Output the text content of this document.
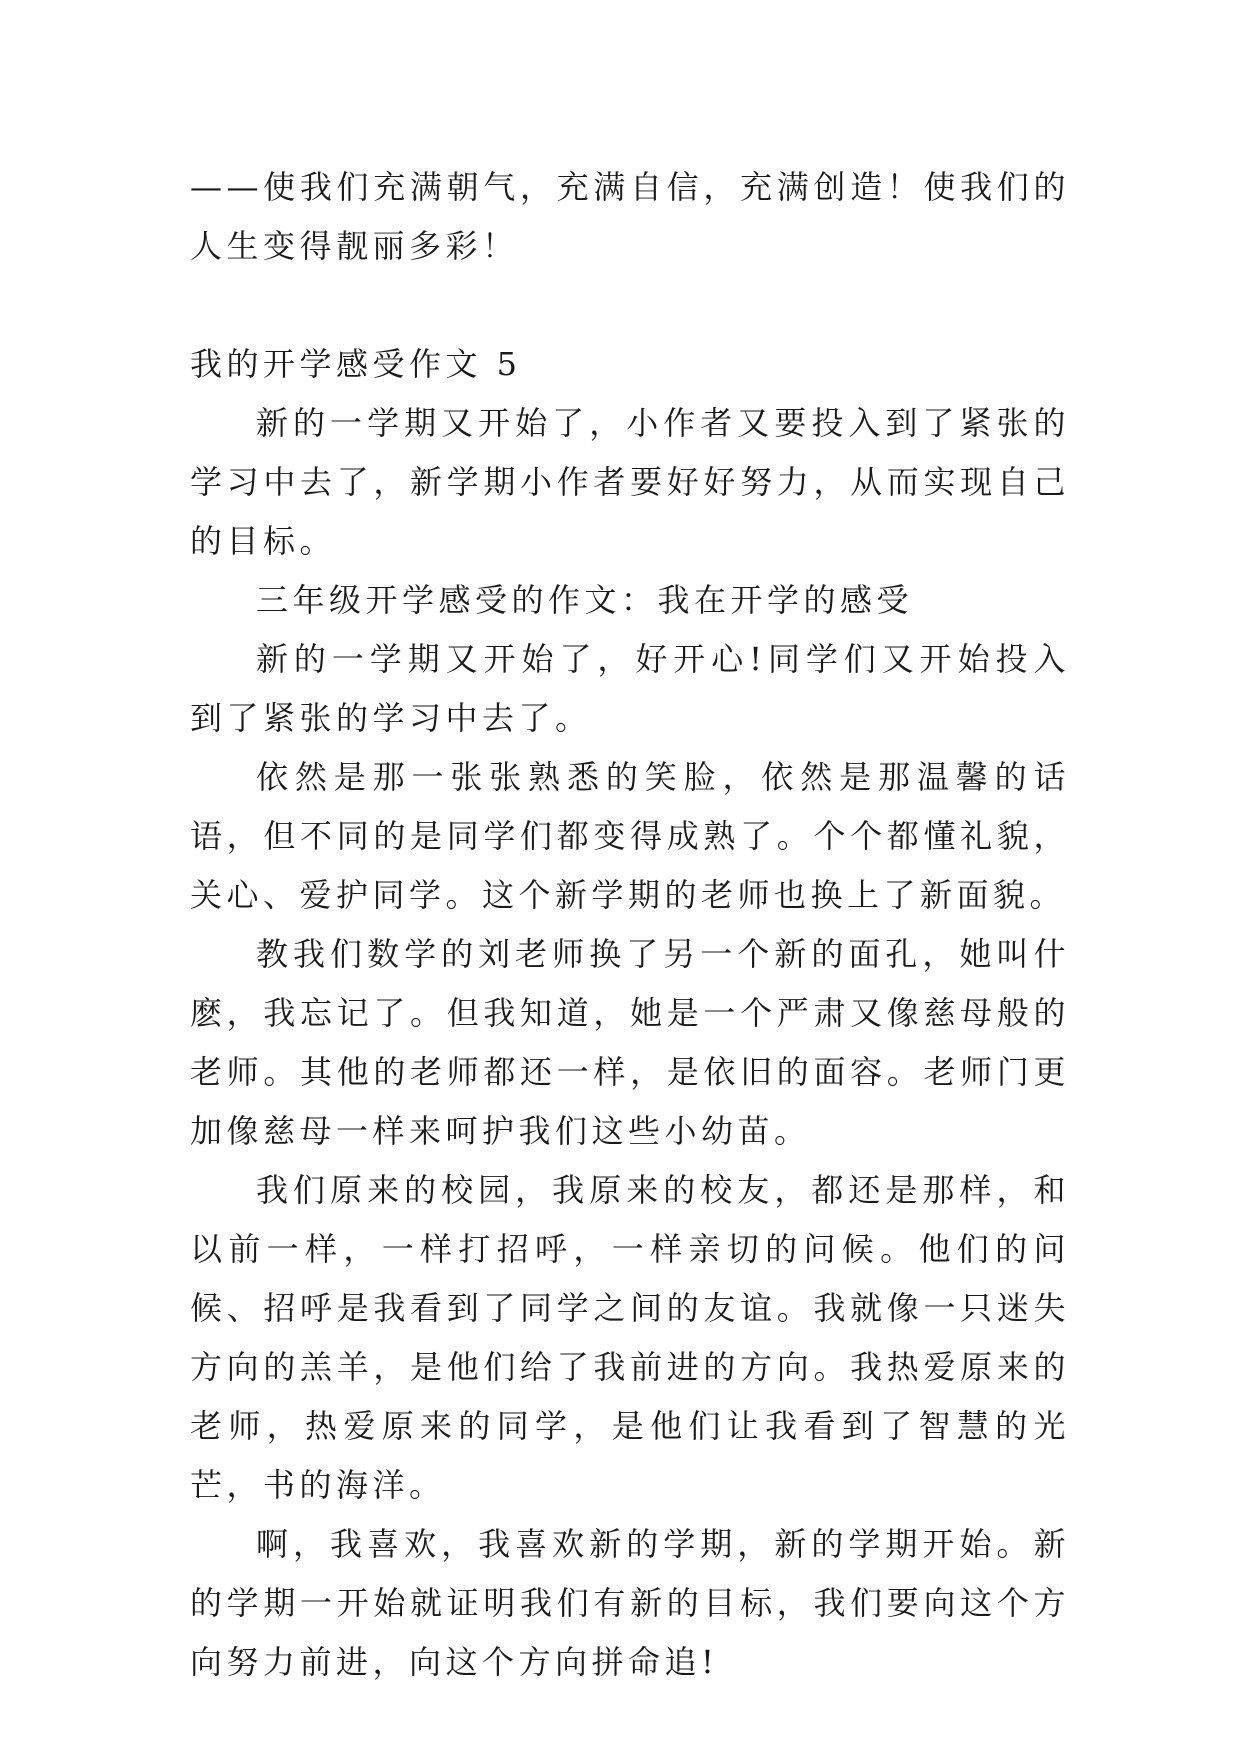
——使我们充满朝气，充满自信，充满创造！使我们的人生变得靓丽多彩！

我的开学感受作文 5

新的一学期又开始了，小作者又要投入到了紧张的学习中去了，新学期小作者要好好努力，从而实现自己的目标。

三年级开学感受的作文：我在开学的感受

新的一学期又开始了，好开心!同学们又开始投入到了紧张的学习中去了。

依然是那一张张熟悉的笑脸，依然是那温馨的话语，但不同的是同学们都变得成熟了。个个都懂礼貌，关心、爱护同学。这个新学期的老师也换上了新面貌。

教我们数学的刘老师换了另一个新的面孔，她叫什麽，我忘记了。但我知道，她是一个严肃又像慈母般的老师。其他的老师都还一样，是依旧的面容。老师门更加像慈母一样来呵护我们这些小幼苗。

我们原来的校园，我原来的校友，都还是那样，和以前一样，一样打招呼，一样亲切的问候。他们的问候、招呼是我看到了同学之间的友谊。我就像一只迷失方向的羔羊，是他们给了我前进的方向。我热爱原来的老师，热爱原来的同学，是他们让我看到了智慧的光芒，书的海洋。

啊，我喜欢，我喜欢新的学期，新的学期开始。新的学期一开始就证明我们有新的目标，我们要向这个方向努力前进，向这个方向拼命追!
